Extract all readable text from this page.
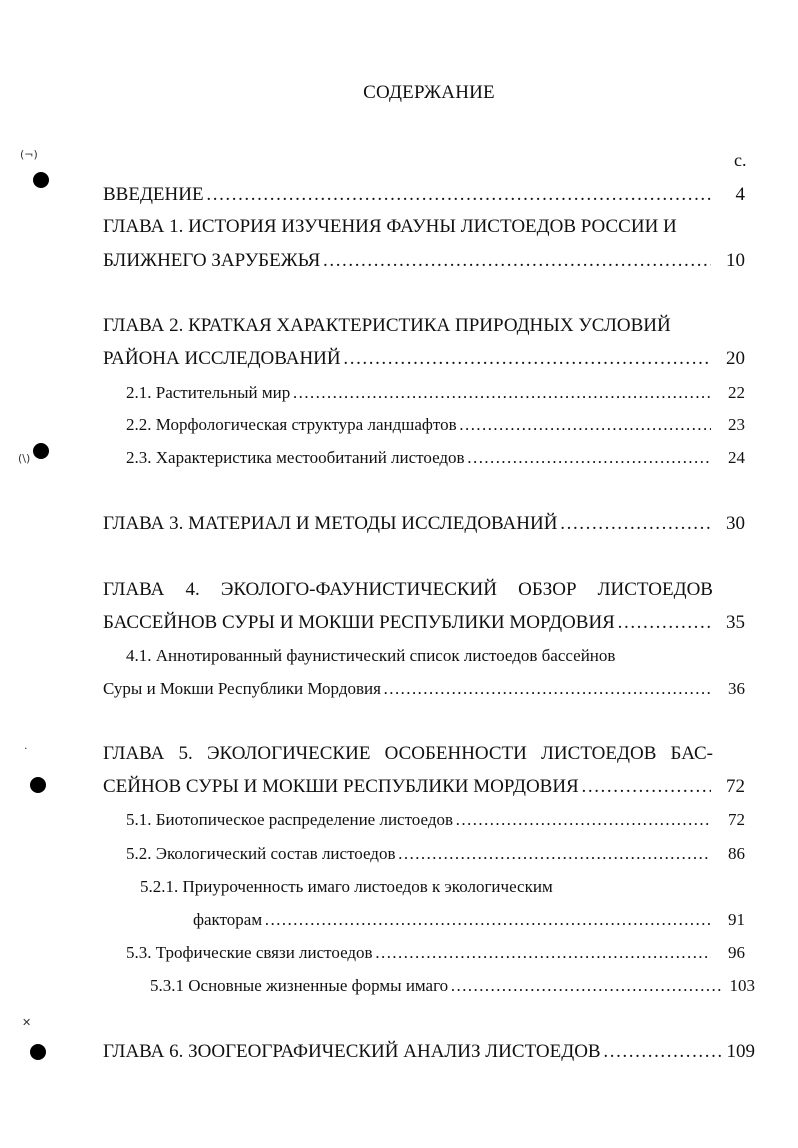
(¬)
(\)
·
✕
СОДЕРЖАНИЕ
с.
ВВЕДЕНИЕ ……………………………………………………………………………………………………………………………………………………………………………………………	4
ГЛАВА 1. ИСТОРИЯ ИЗУЧЕНИЯ ФАУНЫ ЛИСТОЕДОВ РОССИИ И
БЛИЖНЕГО ЗАРУБЕЖЬЯ ……………………………………………………………………………………………………………………………………………………………………………………………	10
ГЛАВА 2. КРАТКАЯ ХАРАКТЕРИСТИКА ПРИРОДНЫХ УСЛОВИЙ
РАЙОНА ИССЛЕДОВАНИЙ ……………………………………………………………………………………………………………………………………………………………………………………………	20
2.1. Растительный мир ……………………………………………………………………………………………………………………………………………………………………………………………	22
2.2. Морфологическая структура ландшафтов ……………………………………………………………………………………………………………………………………………………………………………………………	23
2.3. Характеристика местообитаний листоедов ……………………………………………………………………………………………………………………………………………………………………………………………	24
ГЛАВА 3. МАТЕРИАЛ И МЕТОДЫ ИССЛЕДОВАНИЙ ……………………………………………………………………………………………………………………………………………………………………………………………	30
ГЛАВА 4. ЭКОЛОГО-ФАУНИСТИЧЕСКИЙ ОБЗОР ЛИСТОЕДОВ
БАССЕЙНОВ СУРЫ И МОКШИ РЕСПУБЛИКИ МОРДОВИЯ ……………………………………………………………………………………………………………………………………………………………………………………………	35
4.1. Аннотированный фаунистический список листоедов бассейнов
Суры и Мокши Республики Мордовия ……………………………………………………………………………………………………………………………………………………………………………………………	36
ГЛАВА 5. ЭКОЛОГИЧЕСКИЕ ОСОБЕННОСТИ ЛИСТОЕДОВ БАС-
СЕЙНОВ СУРЫ И МОКШИ РЕСПУБЛИКИ МОРДОВИЯ ……………………………………………………………………………………………………………………………………………………………………………………………	72
5.1. Биотопическое распределение листоедов ……………………………………………………………………………………………………………………………………………………………………………………………	72
5.2. Экологический состав листоедов ……………………………………………………………………………………………………………………………………………………………………………………………	86
5.2.1. Приуроченность имаго листоедов к экологическим
факторам ……………………………………………………………………………………………………………………………………………………………………………………………	91
5.3. Трофические связи листоедов ……………………………………………………………………………………………………………………………………………………………………………………………	96
5.3.1 Основные жизненные формы имаго ……………………………………………………………………………………………………………………………………………………………………………………………	103
ГЛАВА 6. ЗООГЕОГРАФИЧЕСКИЙ АНАЛИЗ ЛИСТОЕДОВ ……………………………………………………………………………………………………………………………………………………………………………………………	109
